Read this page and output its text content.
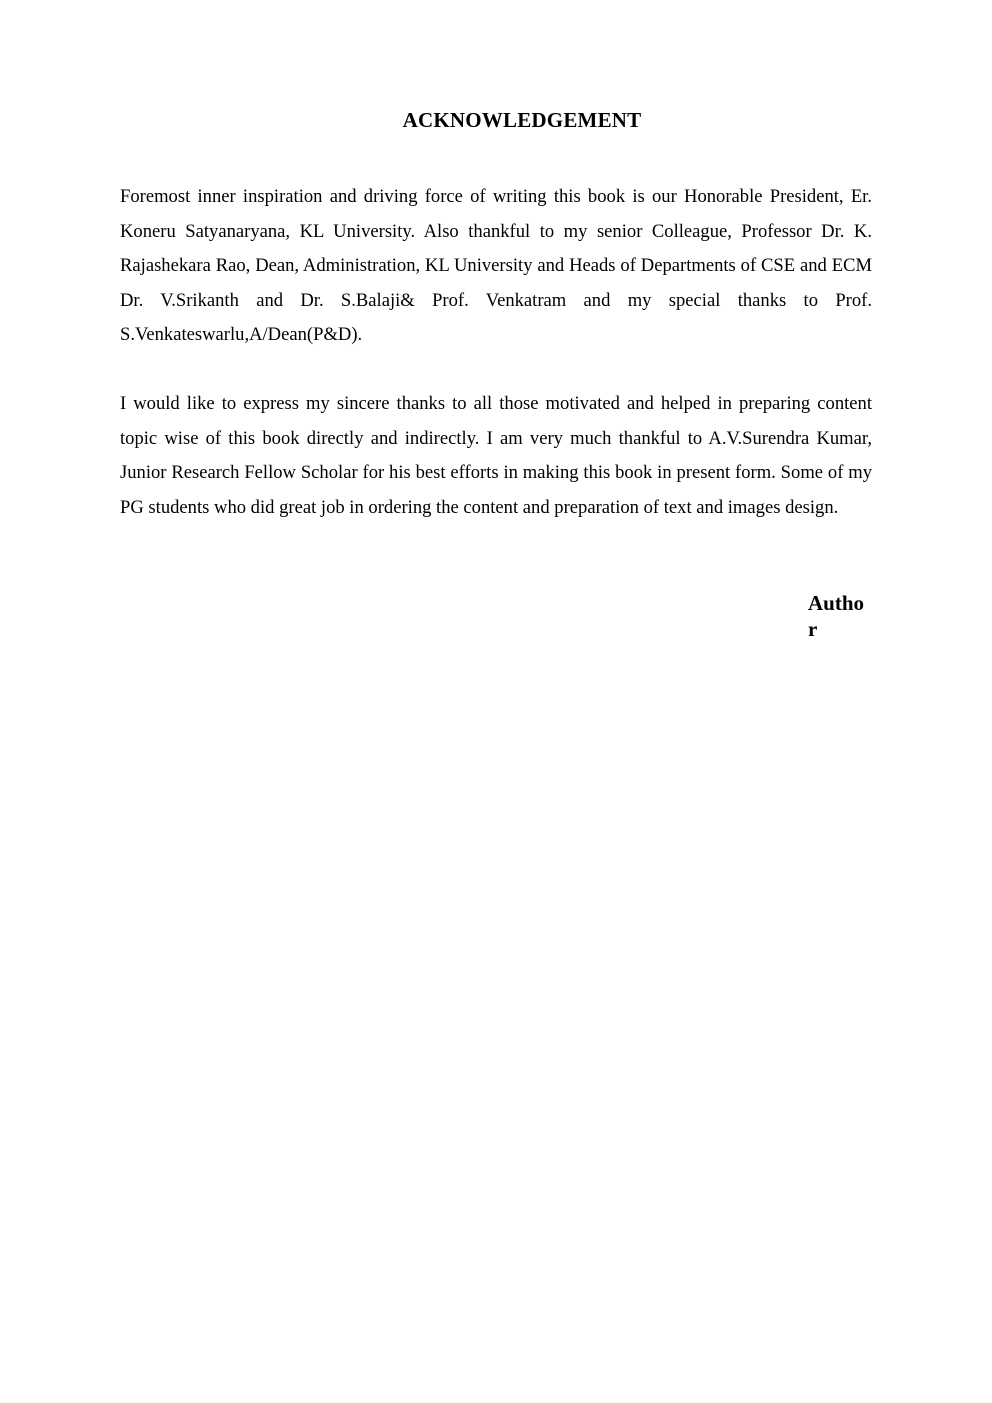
ACKNOWLEDGEMENT

Foremost inner inspiration and driving force of writing this book is our Honorable President, Er. Koneru Satyanaryana, KL University. Also thankful to my senior Colleague, Professor Dr. K. Rajashekara Rao, Dean, Administration, KL University and Heads of Departments of CSE and ECM Dr. V.Srikanth and Dr. S.Balaji& Prof. Venkatram and my special thanks to Prof. S.Venkateswarlu,A/Dean(P&D).

I would like to express my sincere thanks to all those motivated and helped in preparing content topic wise of this book directly and indirectly. I am very much thankful to A.V.Surendra Kumar, Junior Research Fellow Scholar for his best efforts in making this book in present form. Some of my PG students who did great job in ordering the content and preparation of text and images design.

Author
